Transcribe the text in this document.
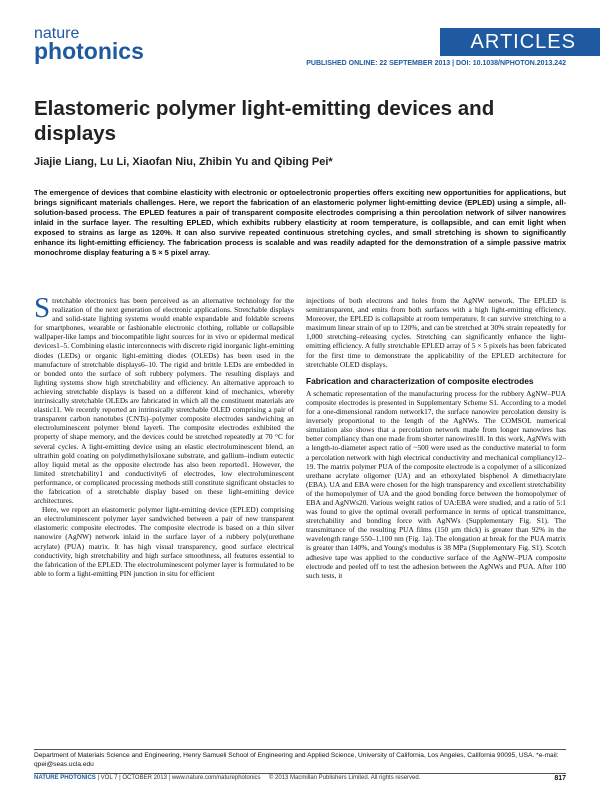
nature
photonics	ARTICLES
PUBLISHED ONLINE: 22 SEPTEMBER 2013 | DOI: 10.1038/NPHOTON.2013.242
Elastomeric polymer light-emitting devices and displays
Jiajie Liang, Lu Li, Xiaofan Niu, Zhibin Yu and Qibing Pei*
The emergence of devices that combine elasticity with electronic or optoelectronic properties offers exciting new opportunities for applications, but brings significant materials challenges. Here, we report the fabrication of an elastomeric polymer light-emitting device (EPLED) using a simple, all-solution-based process. The EPLED features a pair of transparent composite electrodes comprising a thin percolation network of silver nanowires inlaid in the surface layer. The resulting EPLED, which exhibits rubbery elasticity at room temperature, is collapsible, and can emit light when exposed to strains as large as 120%. It can also survive repeated continuous stretching cycles, and small stretching is shown to significantly enhance its light-emitting efficiency. The fabrication process is scalable and was readily adapted for the demonstration of a simple passive matrix monochrome display featuring a 5 × 5 pixel array.

Stretchable electronics has been perceived as an alternative technology for the realization of the next generation of electronic applications. Stretchable displays and solid-state lighting systems would enable expandable and foldable screens for smartphones, wearable or fashionable electronic clothing, rollable or collapsible wallpaper-like lamps and biocompatible light sources for in vivo or epidermal medical devices1–5. Combining elastic interconnects with discrete rigid inorganic light-emitting diodes (LEDs) or organic light-emitting diodes (OLEDs) has been used in the manufacture of stretchable displays6–10. The rigid and brittle LEDs are embedded in or bonded onto the surface of soft rubbery polymers. The resulting displays and lighting systems show high stretchability and efficiency. An alternative approach to achieving stretchable displays is based on a different kind of mechanics, whereby intrinsically stretchable OLEDs are fabricated in which all the constituent materials are elastic11. We recently reported an intrinsically stretchable OLED comprising a pair of transparent carbon nanotubes (CNTs)–polymer composite electrodes sandwiching an electroluminescent polymer blend layer6. The composite electrodes exhibited the property of shape memory, and the devices could be stretched repeatedly at 70 °C for several cycles. A light-emitting device using an elastic electroluminescent blend, an ultrathin gold coating on polydimethylsiloxane substrate, and gallium–indium eutectic alloy liquid metal as the opposite electrode has also been reported1. However, the limited stretchability1 and conductivity6 of electrodes, low electroluminescent performance, or complicated processing methods still constitute significant obstacles to the fabrication of a stretchable display based on these light-emitting device architectures.

Here, we report an elastomeric polymer light-emitting device (EPLED) comprising an electroluminescent polymer layer sandwiched between a pair of new transparent elastomeric composite electrodes. The composite electrode is based on a thin silver nanowire (AgNW) network inlaid in the surface layer of a rubbery poly(urethane acrylate) (PUA) matrix. It has high visual transparency, good surface electrical conductivity, high stretchability and high surface smoothness, all features essential to the fabrication of the EPLED. The electroluminescent polymer layer is formulated to be able to form a light-emitting PIN junction in situ for efficient

injections of both electrons and holes from the AgNW network. The EPLED is semitransparent, and emits from both surfaces with a high light-emitting efficiency. Moreover, the EPLED is collapsible at room temperature. It can survive stretching to a maximum linear strain of up to 120%, and can be stretched at 30% strain repeatedly for 1,000 stretching–releasing cycles. Stretching can significantly enhance the light-emitting efficiency. A fully stretchable EPLED array of 5 × 5 pixels has been fabricated for the first time to demonstrate the applicability of the EPLED architecture for stretchable OLED displays.

Fabrication and characterization of composite electrodes

A schematic representation of the manufacturing process for the rubbery AgNW–PUA composite electrodes is presented in Supplementary Scheme S1. According to a model for a one-dimensional random network17, the surface nanowire percolation density is inversely proportional to the length of the AgNWs. The COMSOL numerical simulation also shows that a percolation network made from longer nanowires has better compliancy than one made from shorter nanowires18. In this work, AgNWs with a length-to-diameter aspect ratio of ~500 were used as the conductive material to form a percolation network with high electrical conductivity and mechanical compliancy12–19. The matrix polymer PUA of the composite electrode is a copolymer of a siliconized urethane acrylate oligomer (UA) and an ethoxylated bisphenol A dimethacrylate (EBA). UA and EBA were chosen for the high transparency and excellent stretchability of the homopolymer of UA and the good bonding force between the homopolymer of EBA and AgNWs20. Various weight ratios of UA:EBA were studied, and a ratio of 5:1 was found to give the optimal overall performance in terms of optical transmittance, stretchability and bonding force with AgNWs (Supplementary Fig. S1). The transmittance of the resulting PUA films (150 μm thick) is greater than 92% in the wavelength range 550–1,100 nm (Fig. 1a). The elongation at break for the PUA matrix is greater than 140%, and Young's modulus is 38 MPa (Supplementary Fig. S1). Scotch adhesive tape was applied to the conductive surface of the AgNW–PUA composite electrode and peeled off to test the adhesion between the AgNWs and PUA. After 100 such tests, it

Department of Materials Science and Engineering, Henry Samueli School of Engineering and Applied Science, University of California, Los Angeles, California 90095, USA. *e-mail: qpei@seas.ucla.edu
NATURE PHOTONICS | VOL 7 | OCTOBER 2013 | www.nature.com/naturephotonics © 2013 Macmillan Publishers Limited. All rights reserved.	817
